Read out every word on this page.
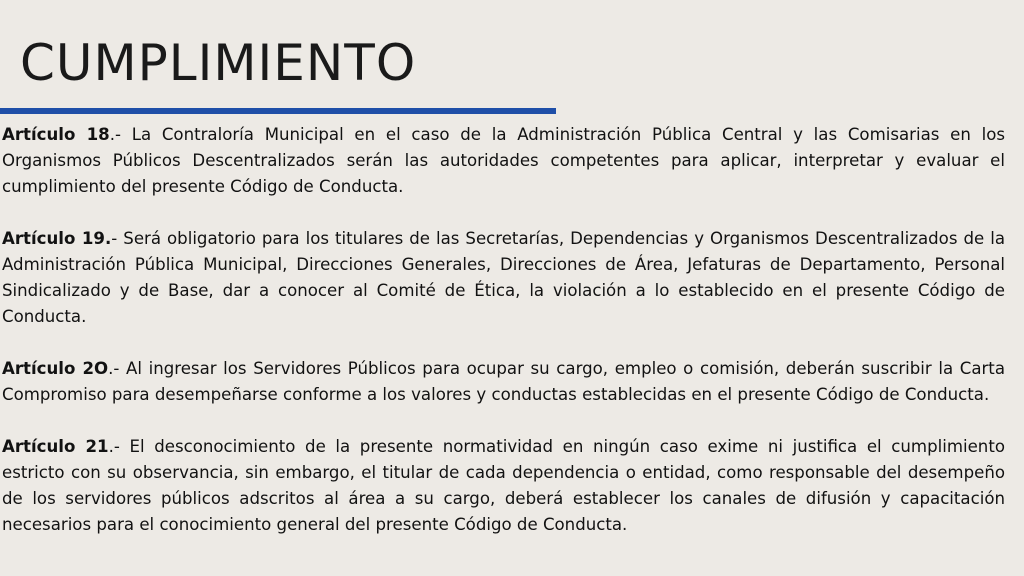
CUMPLIMIENTO

Artículo 18.- La Contraloría Municipal en el caso de la Administración Pública Central y las Comisarias en los Organismos Públicos Descentralizados serán las autoridades competentes para aplicar, interpretar y evaluar el cumplimiento del presente Código de Conducta.

Artículo 19.- Será obligatorio para los titulares de las Secretarías, Dependencias y Organismos Descentralizados de la Administración Pública Municipal, Direcciones Generales, Direcciones de Área, Jefaturas de Departamento, Personal Sindicalizado y de Base, dar a conocer al Comité de Ética, la violación a lo establecido en el presente Código de Conducta.

Artículo 2O.- Al ingresar los Servidores Públicos para ocupar su cargo, empleo o comisión, deberán suscribir la Carta Compromiso para desempeñarse conforme a los valores y conductas establecidas en el presente Código de Conducta.

Artículo 21.- El desconocimiento de la presente normatividad en ningún caso exime ni justifica el cumplimiento estricto con su observancia, sin embargo, el titular de cada dependencia o entidad, como responsable del desempeño de los servidores públicos adscritos al área a su cargo, deberá establecer los canales de difusión y capacitación necesarios para el conocimiento general del presente Código de Conducta.
